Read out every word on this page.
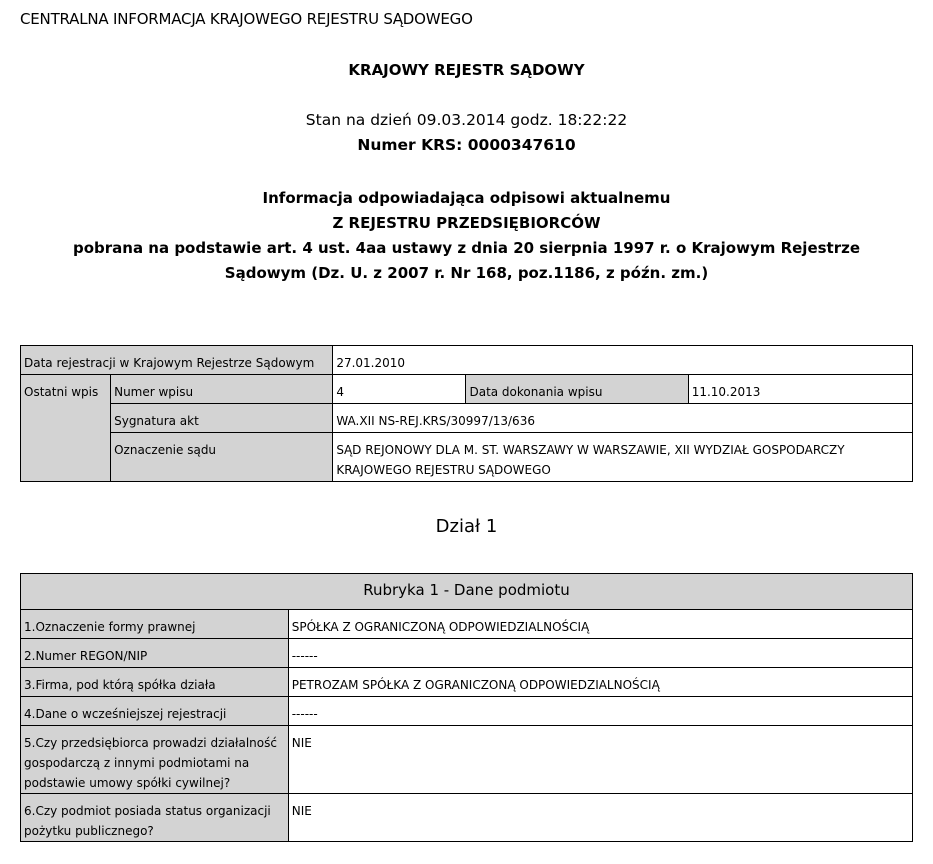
CENTRALNA INFORMACJA KRAJOWEGO REJESTRU SĄDOWEGO
KRAJOWY REJESTR SĄDOWY
Stan na dzień 09.03.2014 godz. 18:22:22
Numer KRS: 0000347610
Informacja odpowiadająca odpisowi aktualnemu
Z REJESTRU PRZEDSIĘBIORCÓW
pobrana na podstawie art. 4 ust. 4aa ustawy z dnia 20 sierpnia 1997 r. o Krajowym Rejestrze
Sądowym (Dz. U. z 2007 r. Nr 168, poz.1186, z późn. zm.)
Data rejestracji w Krajowym Rejestrze Sądowym		27.01.2010		
Ostatni wpis	Numer wpisu	4	Data dokonania wpisu	11.10.2013
	Sygnatura akt	WA.XII NS-REJ.KRS/30997/13/636		
	Oznaczenie sądu	SĄD REJONOWY DLA M. ST. WARSZAWY W WARSZAWIE, XII WYDZIAŁ GOSPODARCZY
KRAJOWEGO REJESTRU SĄDOWEGO		
Dział 1
Rubryka 1 - Dane podmiotu	
1.Oznaczenie formy prawnej	SPÓŁKA Z OGRANICZONĄ ODPOWIEDZIALNOŚCIĄ
2.Numer REGON/NIP	------
3.Firma, pod którą spółka działa	PETROZAM SPÓŁKA Z OGRANICZONĄ ODPOWIEDZIALNOŚCIĄ
4.Dane o wcześniejszej rejestracji	------

5.Czy przedsiębiorca prowadzi działalność
gospodarczą z innymi podmiotami na
podstawie umowy spółki cywilnej?	NIE

6.Czy podmiot posiada status organizacji
pożytku publicznego?	NIE
